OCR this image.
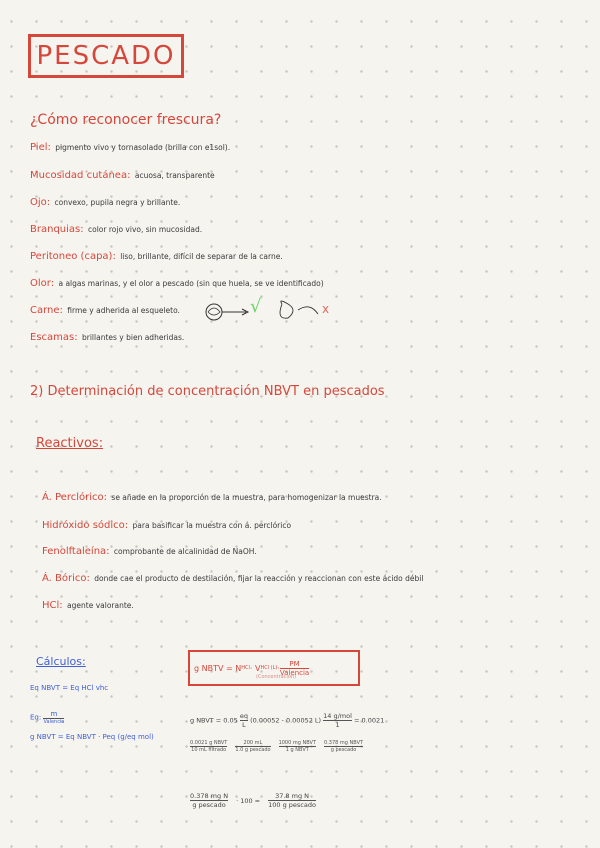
PESCADO
¿Cómo reconocer frescura?
Piel: pigmento vivo y tornasolado (brilla con e1sol).
Mucosidad cutánea: acuosa, transparente
Ojo: convexo, pupila negra y brillante.
Branquias: color rojo vivo, sin mucosidad.
Peritoneo (capa): liso, brillante, difícil de separar de la carne.
Olor: a algas marinas, y el olor a pescado (sin que huela, se ve identificado)
Carne: firme y adherida al esqueleto.
Escamas: brillantes y bien adheridas.
√	x
2) Determinación de concentración NBVT en pescados
Reactivos:
Á. Perclórico: se añade en la proporción de la muestra, para homogenizar la muestra.
Hidróxido sódico: para basificar la muestra con á. perclórico
Fenolftaleína: comprobante de alcalinidad de NaOH.
Á. Bórico: donde cae el producto de destilación, fijar la reacción y reaccionan con este ácido débil
HCl: agente valorante.
Cálculos:
Eq NBVT = Eq HCl vhc
Eq: $\frac{m}{\text{Valencia}}$
g NBVT = Eq NBVT · Peq (g/eq mol)
g NBTV = N HCl · V HCl $(L) \cdot \frac{PM}{\text{Valencia}}$
(Concentración)
g NBVT = $0.05 \frac{eq}{L} (0.00052 - 0.00052$ $L) \frac{\text{14 g/mol}}{1} = 0.0021$
$\frac{\text{0.0021 g NBVT}}{\text{10 mL filtrado}} \frac{200 mL}{\text{1.0 g pescado}} \frac{\text{1000 mg NBVT}}{\text{1 g NBVT}} \frac{\text{0.378 mg NBVT}}{\text{g pescado}}$
$\frac{\text{0.378 mg N}}{\text{g pescado}} \cdot 100 = \frac{\text{37.8 mg N}}{\text{100 g pescado}}$
